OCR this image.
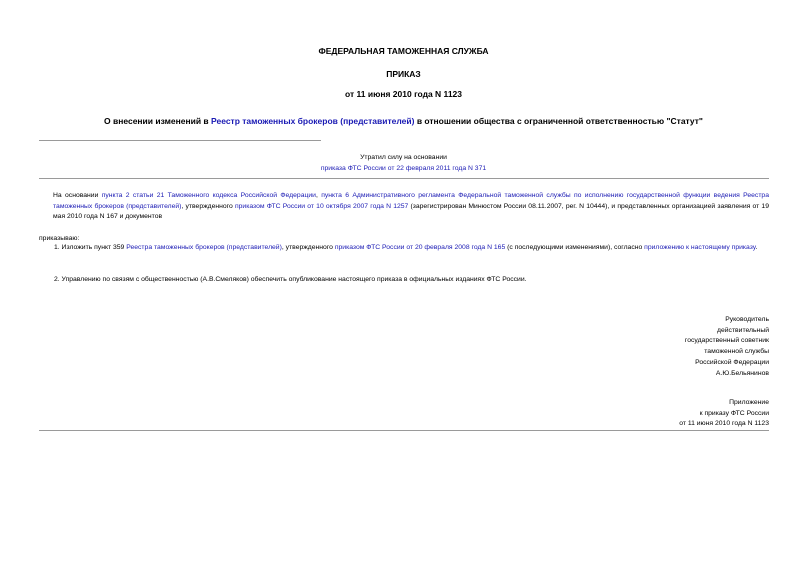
ФЕДЕРАЛЬНАЯ ТАМОЖЕННАЯ СЛУЖБА
ПРИКАЗ
от 11 июня 2010 года N 1123
О внесении изменений в Реестр таможенных брокеров (представителей) в отношении общества с ограниченной ответственностью "Статут"
Утратил силу на основании
приказа ФТС России от 22 февраля 2011 года N 371
На основании пункта 2 статьи 21 Таможенного кодекса Российской Федерации, пункта 6 Административного регламента Федеральной таможенной службы по исполнению государственной функции ведения Реестра таможенных брокеров (представителей), утвержденного приказом ФТС России от 10 октября 2007 года N 1257 (зарегистрирован Минюстом России 08.11.2007, рег. N 10444), и представленных организацией заявления от 19 мая 2010 года N 167 и документов
приказываю:
1. Изложить пункт 359 Реестра таможенных брокеров (представителей), утвержденного приказом ФТС России от 20 февраля 2008 года N 165 (с последующими изменениями), согласно приложению к настоящему приказу.
2. Управлению по связям с общественностью (А.В.Смеляков) обеспечить опубликование настоящего приказа в официальных изданиях ФТС России.
Руководитель
действительный
государственный советник
таможенной службы
Российской Федерации
А.Ю.Бельянинов
Приложение
к приказу ФТС России
от 11 июня 2010 года N 1123
